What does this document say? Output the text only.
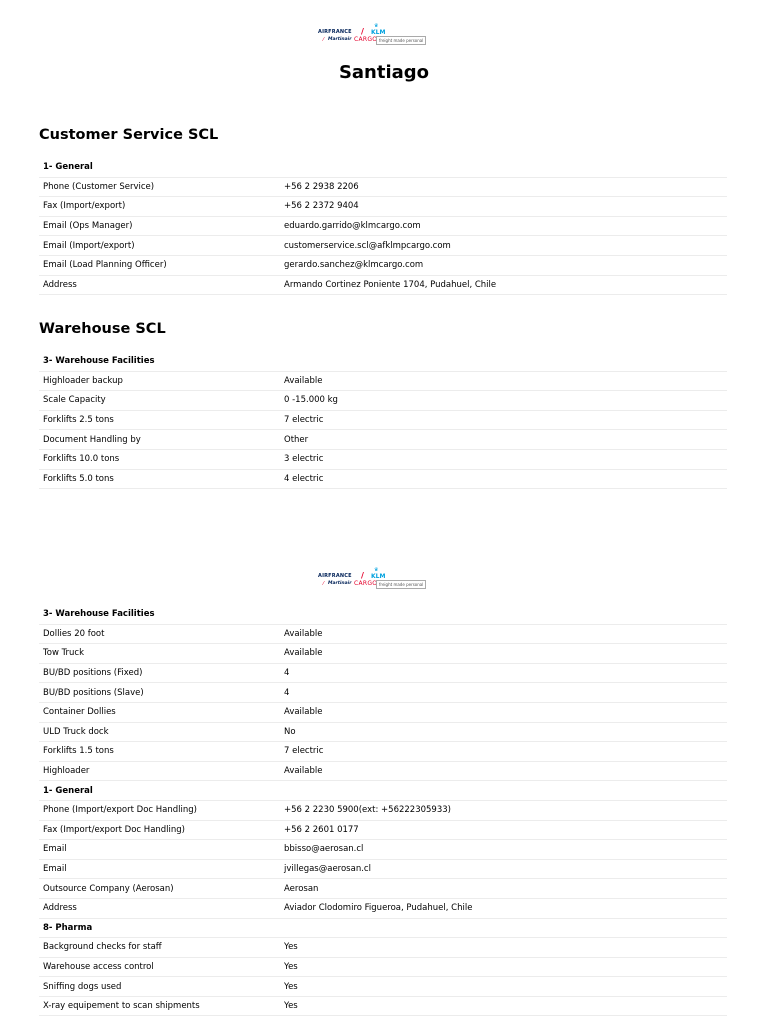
AIRFRANCE /
♛
KLM
⁄ Martinair CARGO freight made personal
Santiago
Customer Service SCL
1- General	
Phone (Customer Service)	+56 2 2938 2206
Fax (Import/export)	+56 2 2372 9404
Email (Ops Manager)	eduardo.garrido@klmcargo.com
Email (Import/export)	customerservice.scl@afklmpcargo.com
Email (Load Planning Officer)	gerardo.sanchez@klmcargo.com
Address	Armando Cortinez Poniente 1704, Pudahuel, Chile
Warehouse SCL
3- Warehouse Facilities	
Highloader backup	Available
Scale Capacity	0 -15.000 kg
Forklifts 2.5 tons	7 electric
Document Handling by	Other
Forklifts 10.0 tons	3 electric
Forklifts 5.0 tons	4 electric
AIRFRANCE /
♛
KLM
⁄ Martinair CARGO freight made personal
3- Warehouse Facilities	
Dollies 20 foot	Available
Tow Truck	Available
BU/BD positions (Fixed)	4
BU/BD positions (Slave)	4
Container Dollies	Available
ULD Truck dock	No
Forklifts 1.5 tons	7 electric
Highloader	Available
1- General	
Phone (Import/export Doc Handling)	+56 2 2230 5900(ext: +56222305933)
Fax (Import/export Doc Handling)	+56 2 2601 0177
Email	bbisso@aerosan.cl
Email	jvillegas@aerosan.cl
Outsource Company (Aerosan)	Aerosan
Address	Aviador Clodomiro Figueroa, Pudahuel, Chile
8- Pharma	
Background checks for staff	Yes
Warehouse access control	Yes
Sniffing dogs used	Yes
X-ray equipement to scan shipments	Yes
